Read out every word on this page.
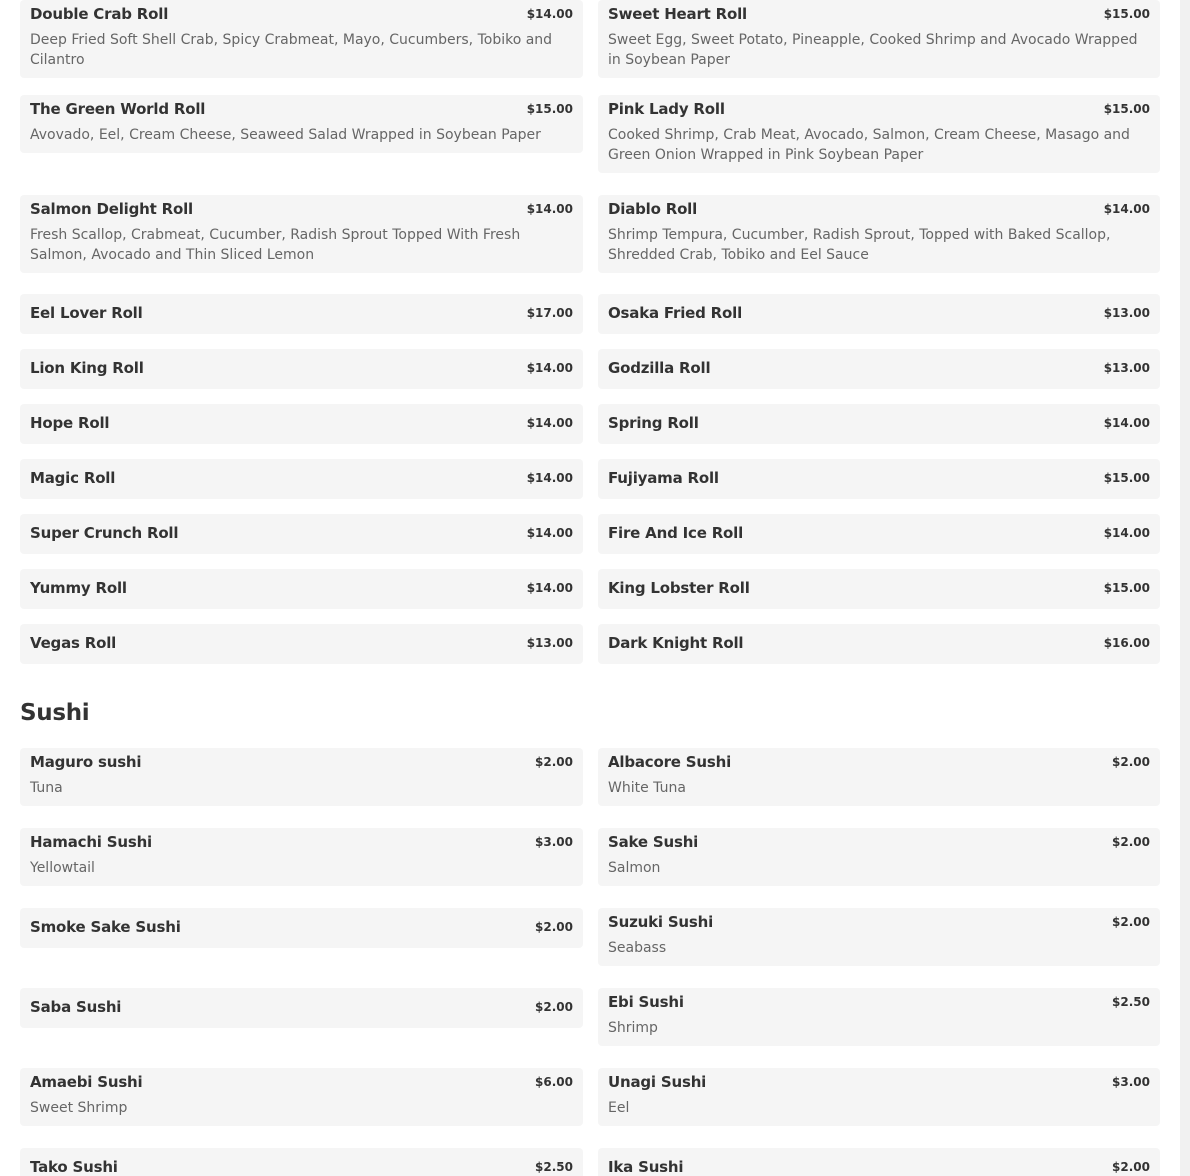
Double Crab Roll	$14.00
Deep Fried Soft Shell Crab, Spicy Crabmeat, Mayo, Cucumbers, Tobiko and Cilantro
Sweet Heart Roll	$15.00
Sweet Egg, Sweet Potato, Pineapple, Cooked Shrimp and Avocado Wrapped in Soybean Paper
The Green World Roll	$15.00
Avovado, Eel, Cream Cheese, Seaweed Salad Wrapped in Soybean Paper
Pink Lady Roll	$15.00
Cooked Shrimp, Crab Meat, Avocado, Salmon, Cream Cheese, Masago and Green Onion Wrapped in Pink Soybean Paper
Salmon Delight Roll	$14.00
Fresh Scallop, Crabmeat, Cucumber, Radish Sprout Topped With Fresh Salmon, Avocado and Thin Sliced Lemon
Diablo Roll	$14.00
Shrimp Tempura, Cucumber, Radish Sprout, Topped with Baked Scallop, Shredded Crab, Tobiko and Eel Sauce
Eel Lover Roll	$17.00 Osaka Fried Roll	$13.00
Lion King Roll	$14.00 Godzilla Roll	$13.00
Hope Roll	$14.00 Spring Roll	$14.00
Magic Roll	$14.00 Fujiyama Roll	$15.00
Super Crunch Roll	$14.00 Fire And Ice Roll	$14.00
Yummy Roll	$14.00 King Lobster Roll	$15.00
Vegas Roll	$13.00 Dark Knight Roll	$16.00
Sushi
Maguro sushi	$2.00
Tuna
Albacore Sushi	$2.00
White Tuna
Hamachi Sushi	$3.00
Yellowtail
Sake Sushi	$2.00
Salmon
Smoke Sake Sushi	$2.00 Suzuki Sushi	$2.00
Seabass
Saba Sushi	$2.00 Ebi Sushi	$2.50
Shrimp
Amaebi Sushi	$6.00
Sweet Shrimp
Unagi Sushi	$3.00
Eel
Tako Sushi	$2.50 Ika Sushi	$2.00
